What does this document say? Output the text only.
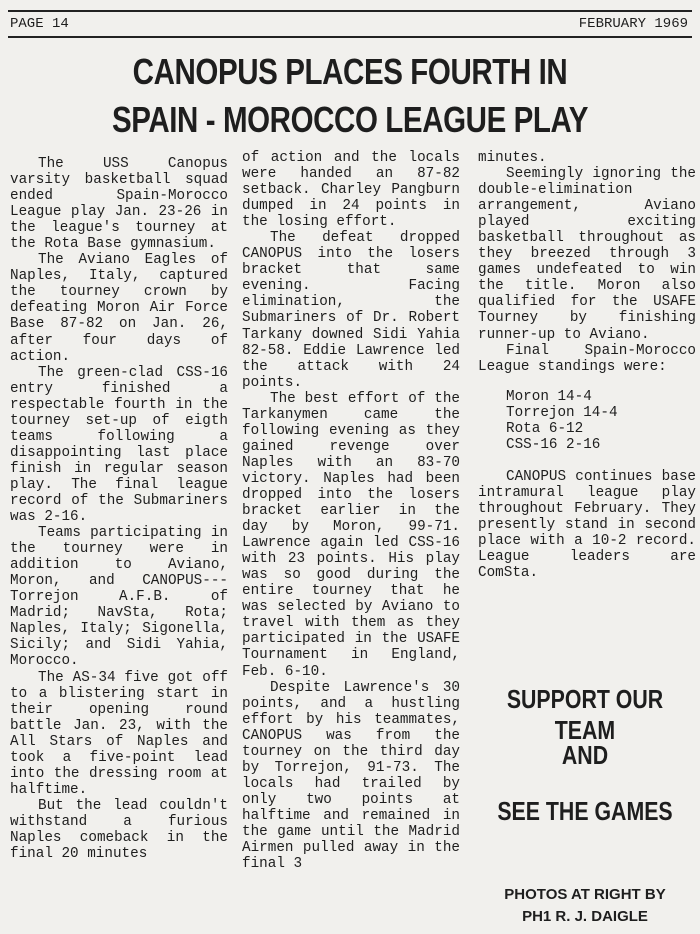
PAGE 14	FEBRUARY 1969
CANOPUS PLACES FOURTH IN
SPAIN - MOROCCO LEAGUE PLAY

The USS Canopus varsity basketball squad ended Spain-Morocco League play Jan. 23-26 in the league's tourney at the Rota Base gymnasium.

The Aviano Eagles of Naples, Italy, captured the tourney crown by defeating Moron Air Force Base 87-82 on Jan. 26, after four days of action.

The green-clad CSS-16 entry finished a respectable fourth in the tourney set-up of eigth teams following a disappointing last place finish in regular season play. The final league record of the Submariners was 2-16.

Teams participating in the tourney were in addition to Aviano, Moron, and CANOPUS---Torrejon A.F.B. of Madrid; NavSta, Rota; Naples, Italy; Sigonella, Sicily; and Sidi Yahia, Morocco.

The AS-34 five got off to a blistering start in their opening round battle Jan. 23, with the All Stars of Naples and took a five-point lead into the dressing room at halftime.

But the lead couldn't withstand a furious Naples comeback in the final 20 minutes

of action and the locals were handed an 87-82 setback. Charley Pangburn dumped in 24 points in the losing effort.

The defeat dropped CANOPUS into the losers bracket that same evening. Facing elimination, the Submariners of Dr. Robert Tarkany downed Sidi Yahia 82-58. Eddie Lawrence led the attack with 24 points.

The best effort of the Tarkanymen came the following evening as they gained revenge over Naples with an 83-70 victory. Naples had been dropped into the losers bracket earlier in the day by Moron, 99-71. Lawrence again led CSS-16 with 23 points. His play was so good during the entire tourney that he was selected by Aviano to travel with them as they participated in the USAFE Tournament in England, Feb. 6-10.

Despite Lawrence's 30 points, and a hustling effort by his teammates, CANOPUS was from the tourney on the third day by Torrejon, 91-73. The locals had trailed by only two points at halftime and remained in the game until the Madrid Airmen pulled away in the final 3

minutes.

Seemingly ignoring the double-elimination arrangement, Aviano played exciting basketball throughout as they breezed through 3 games undefeated to win the title. Moron also qualified for the USAFE Tourney by finishing runner-up to Aviano.

Final Spain-Morocco League standings were:

Moron 14-4
Torrejon 14-4
Rota 6-12
CSS-16 2-16

CANOPUS continues base intramural league play throughout February. They presently stand in second place with a 10-2 record. League leaders are ComSta.

SUPPORT OUR TEAM
AND
SEE THE GAMES
PHOTOS AT RIGHT BY
PH1 R. J. DAIGLE
